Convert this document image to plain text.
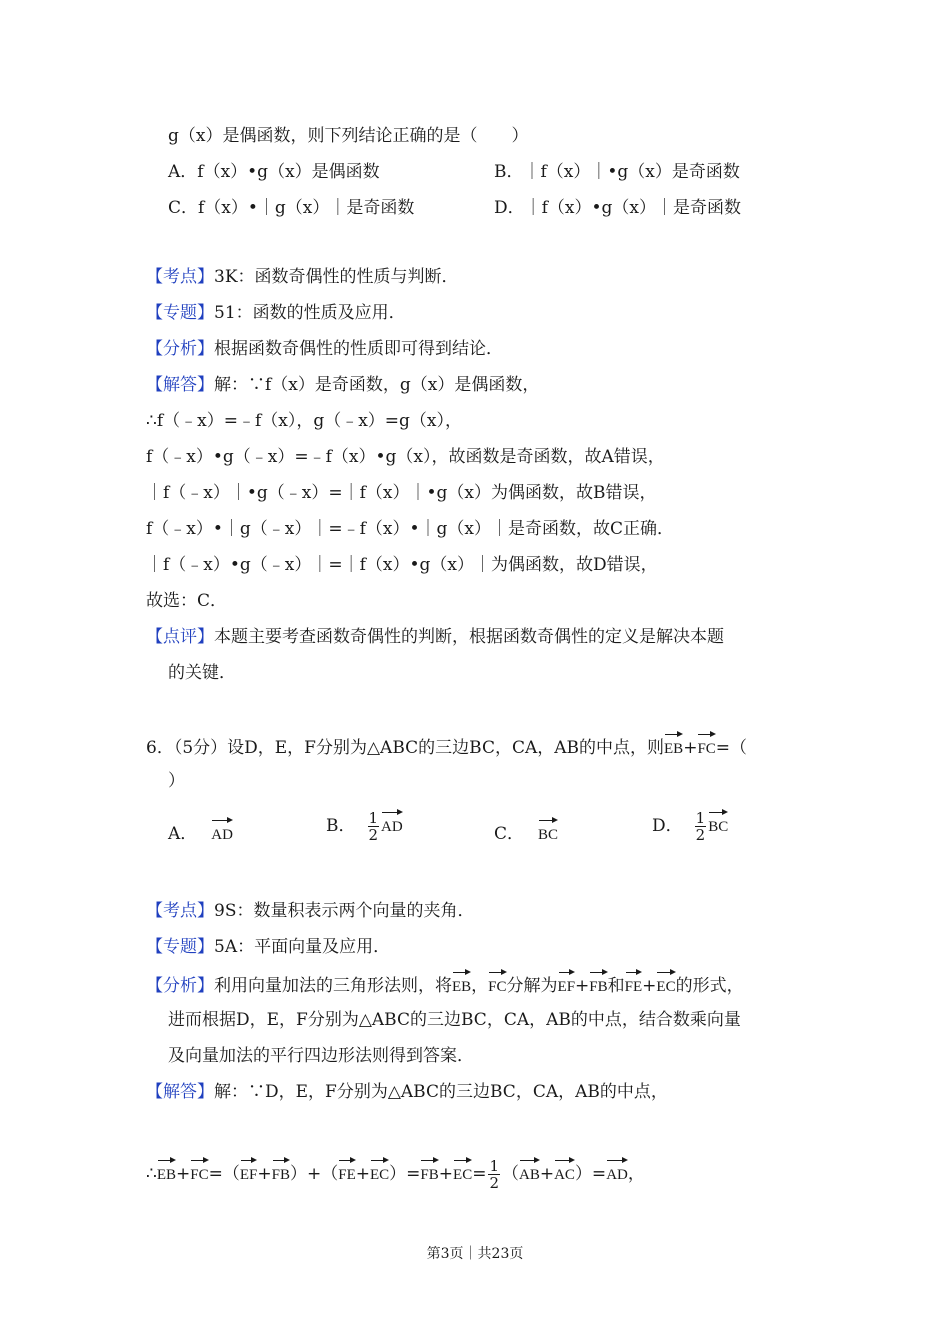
g（x）是偶函数，则下列结论正确的是（　　）
A．f（x）•g（x）是偶函数	B．｜f（x）｜•g（x）是奇函数
C．f（x）•｜g（x）｜是奇函数	D．｜f（x）•g（x）｜是奇函数
【考点】3K：函数奇偶性的性质与判断．
【专题】51：函数的性质及应用．
【分析】根据函数奇偶性的性质即可得到结论．
【解答】解：∵f（x）是奇函数，g（x）是偶函数，
∴f（﹣x）=﹣f（x），g（﹣x）=g（x），
f（﹣x）•g（﹣x）=﹣f（x）•g（x），故函数是奇函数，故A错误，
｜f（﹣x）｜•g（﹣x）=｜f（x）｜•g（x）为偶函数，故B错误，
f（﹣x）•｜g（﹣x）｜=﹣f（x）•｜g（x）｜是奇函数，故C正确．
｜f（﹣x）•g（﹣x）｜=｜f（x）•g（x）｜为偶函数，故D错误，
故选：C．
【点评】本题主要考查函数奇偶性的判断，根据函数奇偶性的定义是解决本题
的关键．
6．（5分）设D，E，F分别为△ABC的三边BC，CA，AB的中点，则EB+FC=（
）
A． AD	B． $\frac{1}{2}$ AD	C． BC	D． $\frac{1}{2}$ BC
【考点】9S：数量积表示两个向量的夹角．
【专题】5A：平面向量及应用．
【分析】利用向量加法的三角形法则，将EB，FC分解为EF+FB和FE+EC的形式，
进而根据D，E，F分别为△ABC的三边BC，CA，AB的中点，结合数乘向量
及向量加法的平行四边形法则得到答案．
【解答】解：∵D，E，F分别为△ABC的三边BC，CA，AB的中点，
∴EB+FC=（EF+FB）+（FE+EC）=FB+EC= $\frac{1}{2} (AB+AC)=AD$，
第3页｜共23页
